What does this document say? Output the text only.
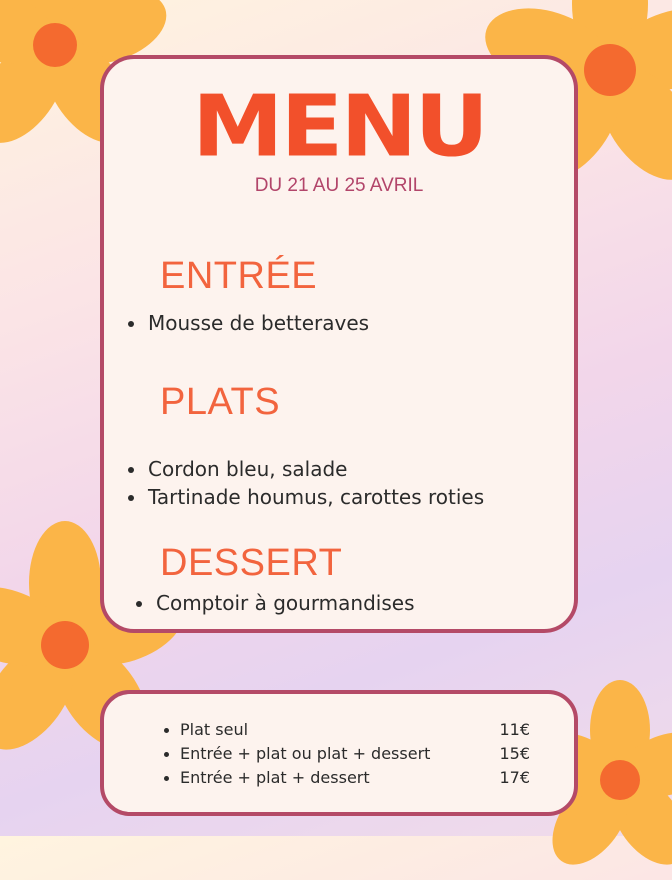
MENU
DU 21 AU 25 AVRIL
ENTRÉE
Mousse de betteraves
PLATS
Cordon bleu, salade
Tartinade houmus, carottes roties
DESSERT
Comptoir à gourmandises
Plat seul	11€
Entrée + plat ou plat + dessert	15€
Entrée + plat + dessert	17€
